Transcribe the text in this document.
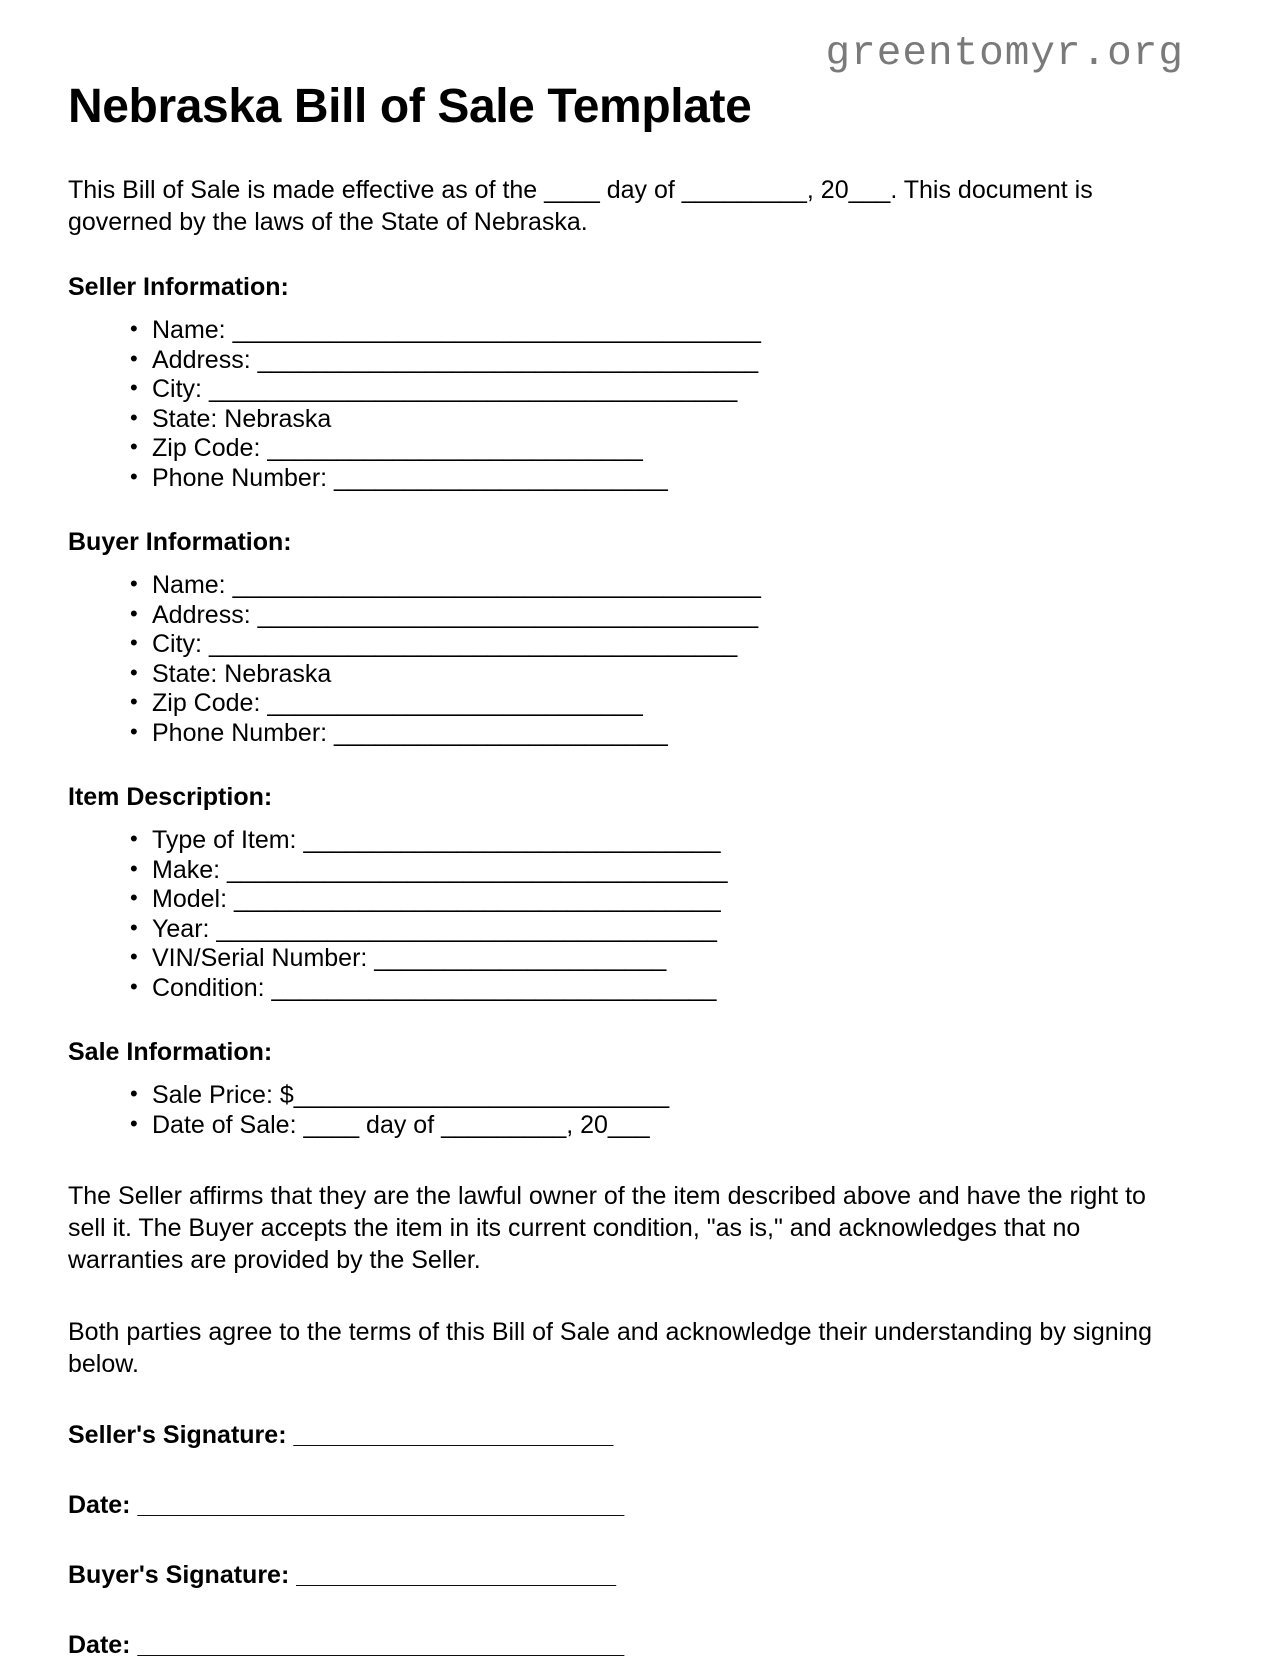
greentomyr.org
Nebraska Bill of Sale Template

This Bill of Sale is made effective as of the ____ day of _________, 20___. This document is governed by the laws of the State of Nebraska.

Seller Information:
• Name: ______________________________________
• Address: ____________________________________
• City: ______________________________________
• State: Nebraska
• Zip Code: ___________________________
• Phone Number: ________________________
Buyer Information:
• Name: ______________________________________
• Address: ____________________________________
• City: ______________________________________
• State: Nebraska
• Zip Code: ___________________________
• Phone Number: ________________________
Item Description:
• Type of Item: ______________________________
• Make: ____________________________________
• Model: ___________________________________
• Year: ____________________________________
• VIN/Serial Number: _____________________
• Condition: ________________________________
Sale Information:
• Sale Price: $___________________________
• Date of Sale: ____ day of _________, 20___

The Seller affirms that they are the lawful owner of the item described above and have the right to sell it. The Buyer accepts the item in its current condition, "as is," and acknowledges that no warranties are provided by the Seller.

Both parties agree to the terms of this Bill of Sale and acknowledge their understanding by signing below.

Seller's Signature: _______________________

Date: ___________________________________

Buyer's Signature: _______________________

Date: ___________________________________
